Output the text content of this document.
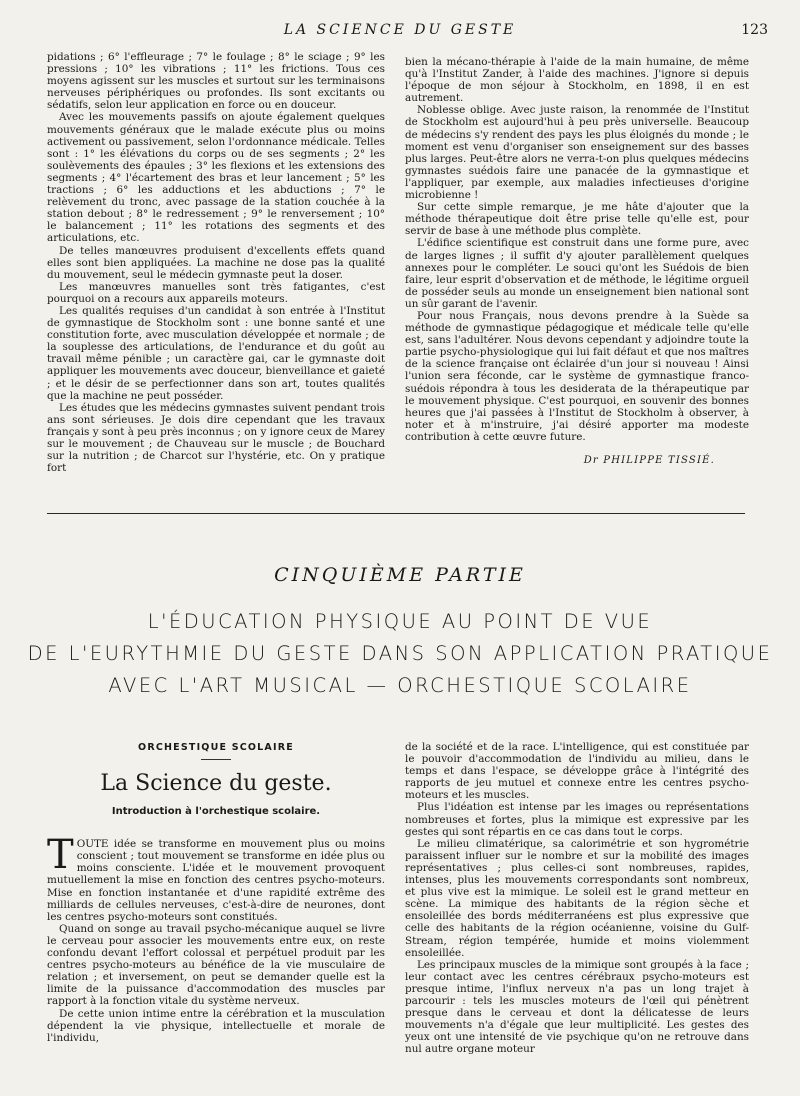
LA SCIENCE DU GESTE	123

pidations ; 6° l'effleurage ; 7° le foulage ; 8° le sciage ; 9° les pressions ; 10° les vibrations ; 11° les frictions. Tous ces moyens agissent sur les muscles et surtout sur les terminaisons nerveuses périphériques ou profondes. Ils sont excitants ou sédatifs, selon leur application en force ou en douceur.

Avec les mouvements passifs on ajoute également quelques mouvements généraux que le malade exécute plus ou moins activement ou passivement, selon l'ordonnance médicale. Telles sont : 1° les élévations du corps ou de ses segments ; 2° les soulèvements des épaules ; 3° les flexions et les extensions des segments ; 4° l'écartement des bras et leur lancement ; 5° les tractions ; 6° les adductions et les abductions ; 7° le relèvement du tronc, avec passage de la station couchée à la station debout ; 8° le redressement ; 9° le renversement ; 10° le balancement ; 11° les rotations des segments et des articulations, etc.

De telles manœuvres produisent d'excellents effets quand elles sont bien appliquées. La machine ne dose pas la qualité du mouvement, seul le médecin gymnaste peut la doser.

Les manœuvres manuelles sont très fatigantes, c'est pourquoi on a recours aux appareils moteurs.

Les qualités requises d'un candidat à son entrée à l'Institut de gymnastique de Stockholm sont : une bonne santé et une constitution forte, avec musculation développée et normale ; de la souplesse des articulations, de l'endurance et du goût au travail même pénible ; un caractère gai, car le gymnaste doit appliquer les mouvements avec douceur, bienveillance et gaieté ; et le désir de se perfectionner dans son art, toutes qualités que la machine ne peut posséder.

Les études que les médecins gymnastes suivent pendant trois ans sont sérieuses. Je dois dire cependant que les travaux français y sont à peu près inconnus ; on y ignore ceux de Marey sur le mouvement ; de Chauveau sur le muscle ; de Bouchard sur la nutrition ; de Charcot sur l'hystérie, etc. On y pratique fort

bien la mécano-thérapie à l'aide de la main humaine, de même qu'à l'Institut Zander, à l'aide des machines. J'ignore si depuis l'époque de mon séjour à Stockholm, en 1898, il en est autrement.

Noblesse oblige. Avec juste raison, la renommée de l'Institut de Stockholm est aujourd'hui à peu près universelle. Beaucoup de médecins s'y rendent des pays les plus éloignés du monde ; le moment est venu d'organiser son enseignement sur des basses plus larges. Peut-être alors ne verra-t-on plus quelques médecins gymnastes suédois faire une panacée de la gymnastique et l'appliquer, par exemple, aux maladies infectieuses d'origine microbienne !

Sur cette simple remarque, je me hâte d'ajouter que la méthode thérapeutique doit être prise telle qu'elle est, pour servir de base à une méthode plus complète.

L'édifice scientifique est construit dans une forme pure, avec de larges lignes ; il suffit d'y ajouter parallèlement quelques annexes pour le compléter. Le souci qu'ont les Suédois de bien faire, leur esprit d'observation et de méthode, le légitime orgueil de posséder seuls au monde un enseignement bien national sont un sûr garant de l'avenir.

Pour nous Français, nous devons prendre à la Suède sa méthode de gymnastique pédagogique et médicale telle qu'elle est, sans l'adultérer. Nous devons cependant y adjoindre toute la partie psycho-physiologique qui lui fait défaut et que nos maîtres de la science française ont éclairée d'un jour si nouveau ! Ainsi l'union sera féconde, car le système de gymnastique franco-suédois répondra à tous les desiderata de la thérapeutique par le mouvement physique. C'est pourquoi, en souvenir des bonnes heures que j'ai passées à l'Institut de Stockholm à observer, à noter et à m'instruire, j'ai désiré apporter ma modeste contribution à cette œuvre future.

Dr PHILIPPE TISSIÉ.

CINQUIÈME PARTIE
L'ÉDUCATION PHYSIQUE AU POINT DE VUE
DE L'EURYTHMIE DU GESTE DANS SON APPLICATION PRATIQUE
AVEC L'ART MUSICAL — ORCHESTIQUE SCOLAIRE

ORCHESTIQUE SCOLAIRE

La Science du geste.

Introduction à l'orchestique scolaire.

TOUTE idée se transforme en mouvement plus ou moins conscient ; tout mouvement se transforme en idée plus ou moins consciente. L'idée et le mouvement provoquent mutuellement la mise en fonction des centres psycho-moteurs. Mise en fonction instantanée et d'une rapidité extrême des milliards de cellules nerveuses, c'est-à-dire de neurones, dont les centres psycho-moteurs sont constitués.

Quand on songe au travail psycho-mécanique auquel se livre le cerveau pour associer les mouvements entre eux, on reste confondu devant l'effort colossal et perpétuel produit par les centres psycho-moteurs au bénéfice de la vie musculaire de relation ; et inversement, on peut se demander quelle est la limite de la puissance d'accommodation des muscles par rapport à la fonction vitale du système nerveux.

De cette union intime entre la cérébration et la musculation dépendent la vie physique, intellectuelle et morale de l'individu,

de la société et de la race. L'intelligence, qui est constituée par le pouvoir d'accommodation de l'individu au milieu, dans le temps et dans l'espace, se développe grâce à l'intégrité des rapports de jeu mutuel et connexe entre les centres psycho-moteurs et les muscles.

Plus l'idéation est intense par les images ou représentations nombreuses et fortes, plus la mimique est expressive par les gestes qui sont répartis en ce cas dans tout le corps.

Le milieu climatérique, sa calorimétrie et son hygrométrie paraissent influer sur le nombre et sur la mobilité des images représentatives ; plus celles-ci sont nombreuses, rapides, intenses, plus les mouvements correspondants sont nombreux, et plus vive est la mimique. Le soleil est le grand metteur en scène. La mimique des habitants de la région sèche et ensoleillée des bords méditerranéens est plus expressive que celle des habitants de la région océanienne, voisine du Gulf-Stream, région tempérée, humide et moins violemment ensoleillée.

Les principaux muscles de la mimique sont groupés à la face ; leur contact avec les centres cérébraux psycho-moteurs est presque intime, l'influx nerveux n'a pas un long trajet à parcourir : tels les muscles moteurs de l'œil qui pénètrent presque dans le cerveau et dont la délicatesse de leurs mouvements n'a d'égale que leur multiplicité. Les gestes des yeux ont une intensité de vie psychique qu'on ne retrouve dans nul autre organe moteur
